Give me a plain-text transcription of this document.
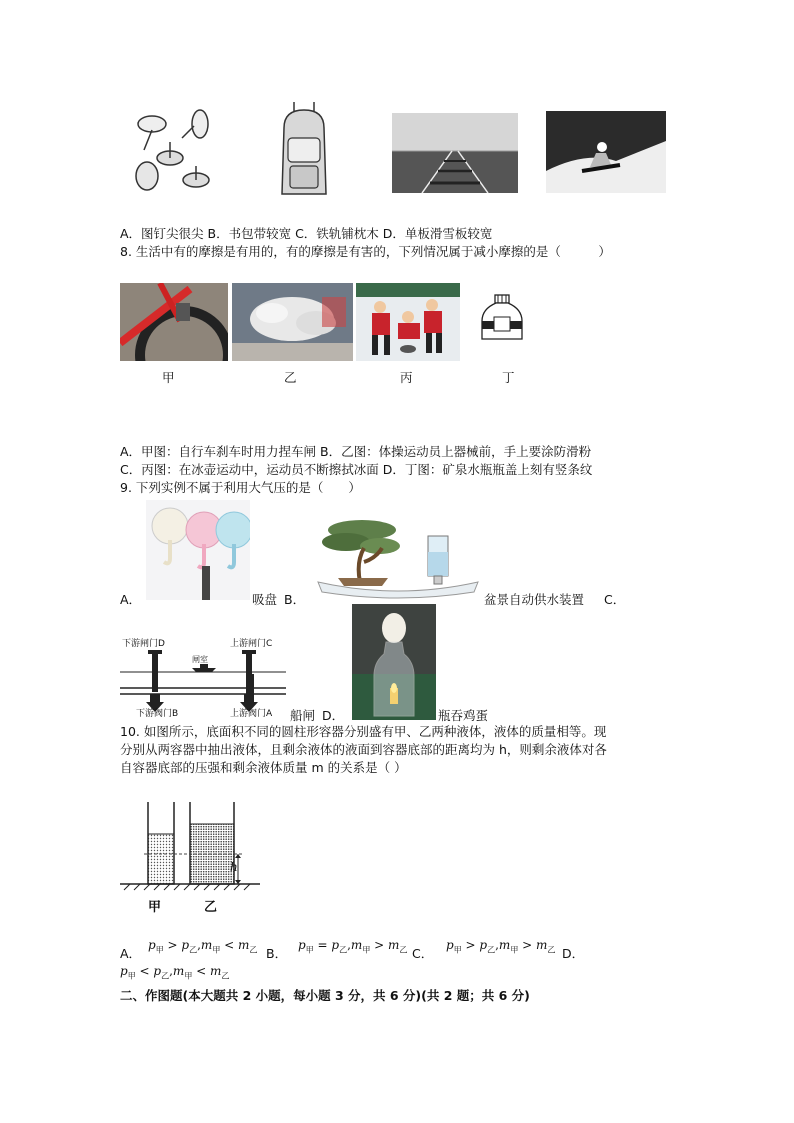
A．图钉尖很尖 B．书包带较宽 C．铁轨铺枕木 D．单板滑雪板较宽
8. 生活中有的摩擦是有用的，有的摩擦是有害的，下列情况属于减小摩擦的是（　　　）
甲	乙	丙	丁
A．甲图：自行车刹车时用力捏车闸 B．乙图：体操运动员上器械前，手上要涂防滑粉
C．丙图：在冰壶运动中，运动员不断擦拭冰面 D．丁图：矿泉水瓶瓶盖上刻有竖条纹
9. 下列实例不属于利用大气压的是（　　）
A．	吸盘 B．	盆景自动供水装置 C．
下游闸门D	上游闸门C
闸室
下游阀门B	上游阀门A 船闸 D．	瓶吞鸡蛋
10. 如图所示，底面积不同的圆柱形容器分别盛有甲、乙两种液体，液体的质量相等。现
分别从两容器中抽出液体，且剩余液体的液面到容器底部的距离均为 h，则剩余液体对各
自容器底部的压强和剩余液体质量 m 的关系是（ ）
h
甲	乙
A．
$p_甲 > p_乙,m_甲 < m_乙$ B．
$p_甲 = p_乙,m_甲 > m_乙$ C．
$p_甲 > p_乙,m_甲 > m_乙$ D．
$p_甲 < p_乙,m_甲 < m_乙$
二、作图题(本大题共 2 小题，每小题 3 分，共 6 分)(共 2 题；共 6 分)
